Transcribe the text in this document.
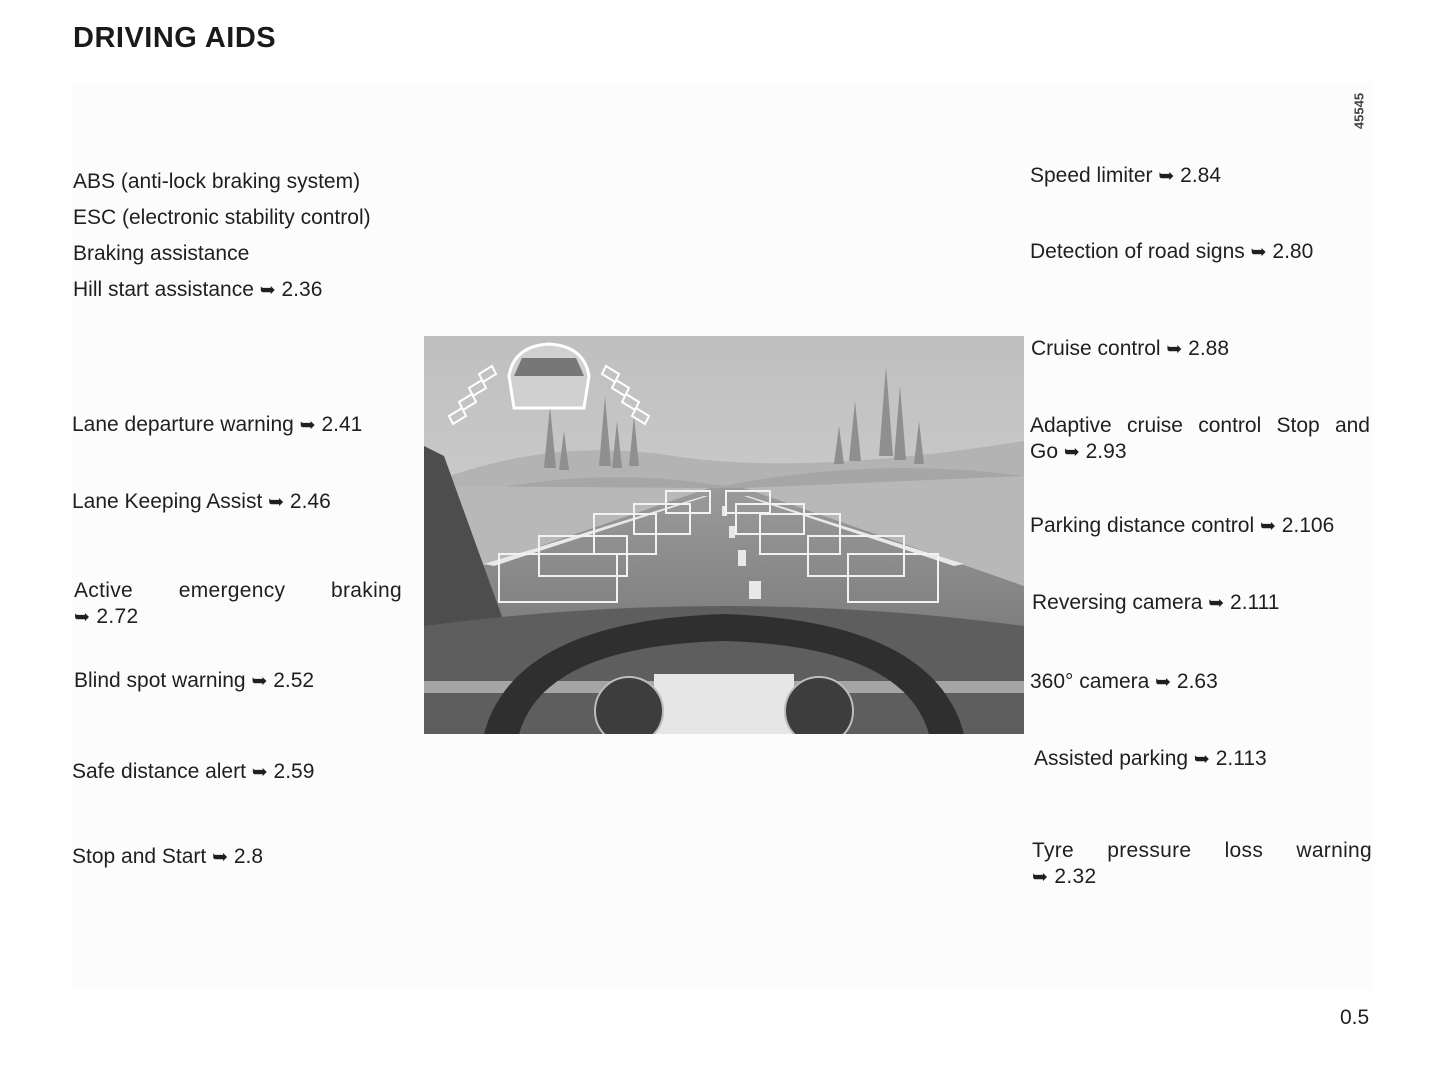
DRIVING AIDS
45545
ABS (anti-lock braking system)
ESC (electronic stability control)
Braking assistance
Hill start assistance ➥ 2.36
Lane departure warning ➥ 2.41
Lane Keeping Assist ➥ 2.46
Active emergency braking
➥ 2.72
Blind spot warning ➥ 2.52
Safe distance alert ➥ 2.59
Stop and Start ➥ 2.8
Speed limiter ➥ 2.84
Detection of road signs ➥ 2.80
Cruise control ➥ 2.88
Adaptive cruise control Stop and
Go ➥ 2.93
Parking distance control ➥ 2.106
Reversing camera ➥ 2.111
360° camera ➥ 2.63
Assisted parking ➥ 2.113
Tyre pressure loss warning
➥ 2.32
0.5
